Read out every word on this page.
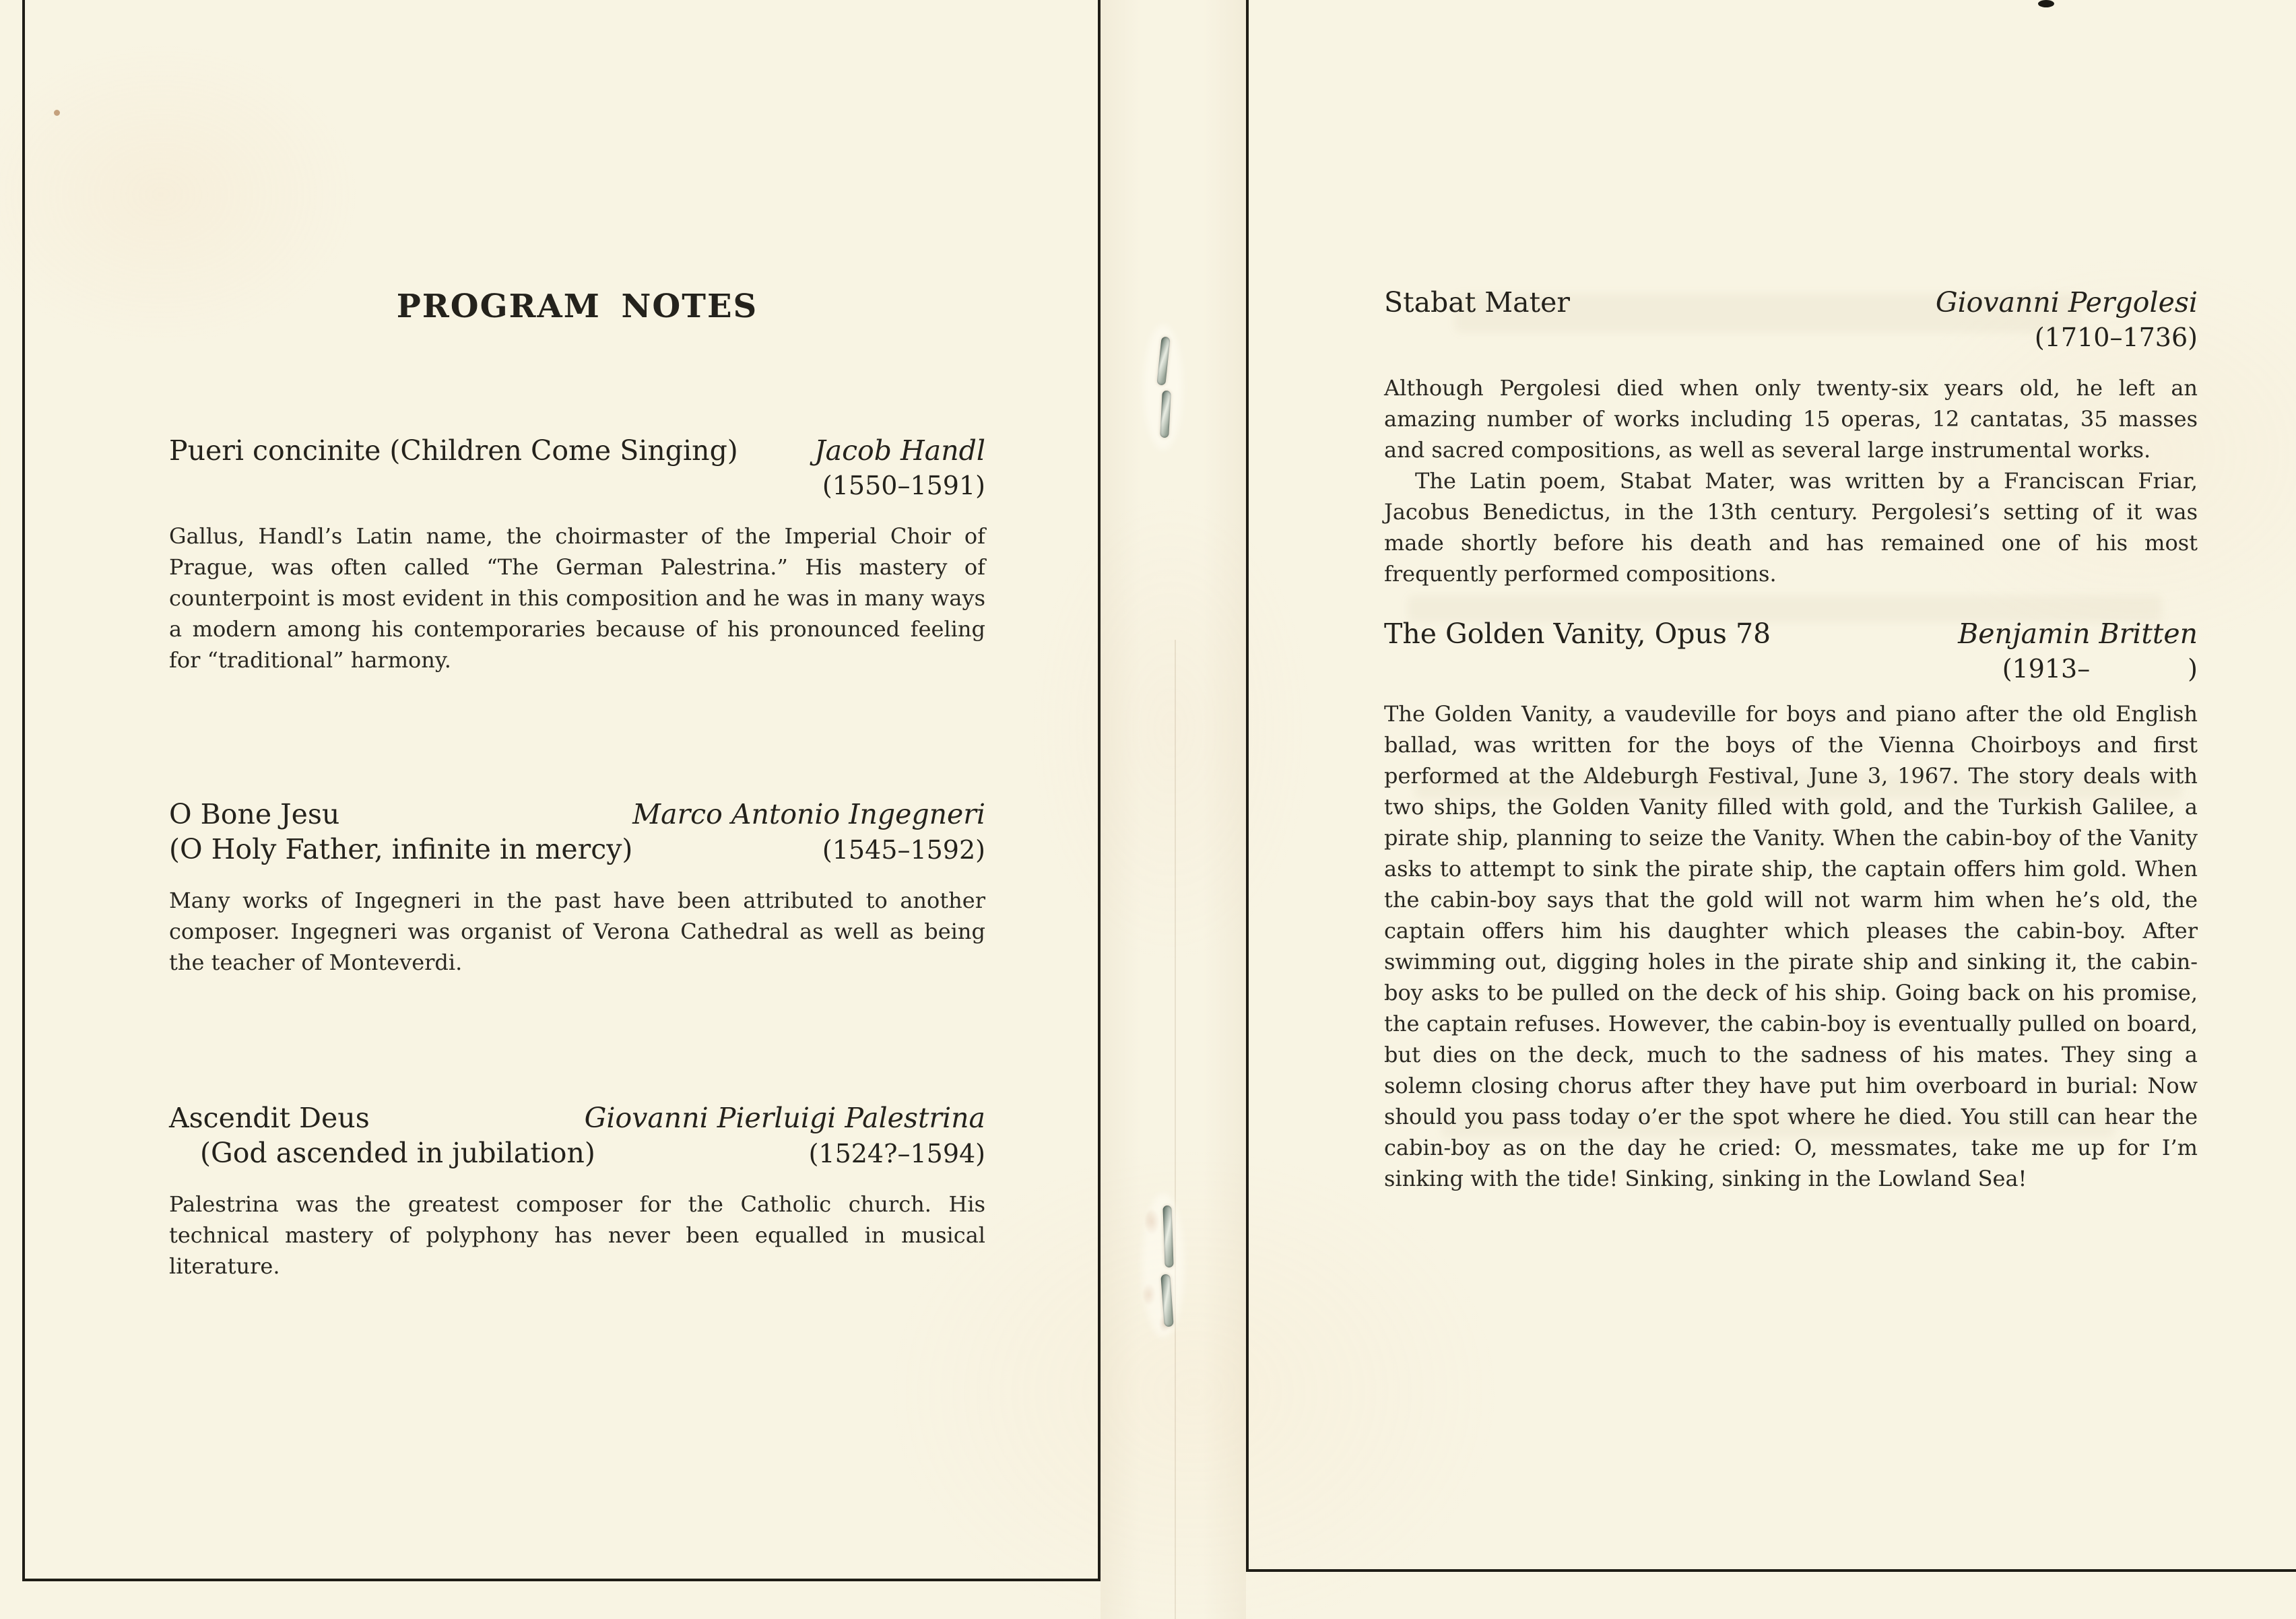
PROGRAM NOTES
Pueri concinite (Children Come Singing)	Jacob Handl
(1550–1591)

Gallus, Handl’s Latin name, the choirmaster of the Imperial Choir of Prague, was often called “The German Palestrina.” His mastery of counterpoint is most evident in this composition and he was in many ways a modern among his contemporaries because of his pronounced feeling for “traditional” harmony.

O Bone Jesu	Marco Antonio Ingegneri
(O Holy Father, infinite in mercy)	(1545–1592)

Many works of Ingegneri in the past have been attributed to another composer. Ingegneri was organist of Verona Cathedral as well as being the teacher of Monteverdi.

Ascendit Deus	Giovanni Pierluigi Palestrina
(God ascended in jubilation)	(1524?–1594)

Palestrina was the greatest composer for the Catholic church. His technical mastery of polyphony has never been equalled in musical literature.

Stabat Mater	Giovanni Pergolesi
(1710–1736)

Although Pergolesi died when only twenty-six years old, he left an amazing number of works including 15 operas, 12 cantatas, 35 masses and sacred compositions, as well as several large instrumental works.

The Latin poem, Stabat Mater, was written by a Franciscan Friar, Jacobus Benedictus, in the 13th century. Pergolesi’s setting of it was made shortly before his death and has remained one of his most frequently performed compositions.

The Golden Vanity, Opus 78	Benjamin Britten
(1913–            )

The Golden Vanity, a vaudeville for boys and piano after the old English ballad, was written for the boys of the Vienna Choirboys and first performed at the Aldeburgh Festival, June 3, 1967. The story deals with two ships, the Golden Vanity filled with gold, and the Turkish Galilee, a pirate ship, planning to seize the Vanity. When the cabin-boy of the Vanity asks to attempt to sink the pirate ship, the captain offers him gold. When the cabin-boy says that the gold will not warm him when he’s old, the captain offers him his daughter which pleases the cabin-boy. After swimming out, digging holes in the pirate ship and sinking it, the cabin-boy asks to be pulled on the deck of his ship. Going back on his promise, the captain refuses. However, the cabin-boy is eventually pulled on board, but dies on the deck, much to the sadness of his mates. They sing a solemn closing chorus after they have put him overboard in burial: Now should you pass today o’er the spot where he died. You still can hear the cabin-boy as on the day he cried: O, messmates, take me up for I’m sinking with the tide! Sinking, sinking in the Lowland Sea!
